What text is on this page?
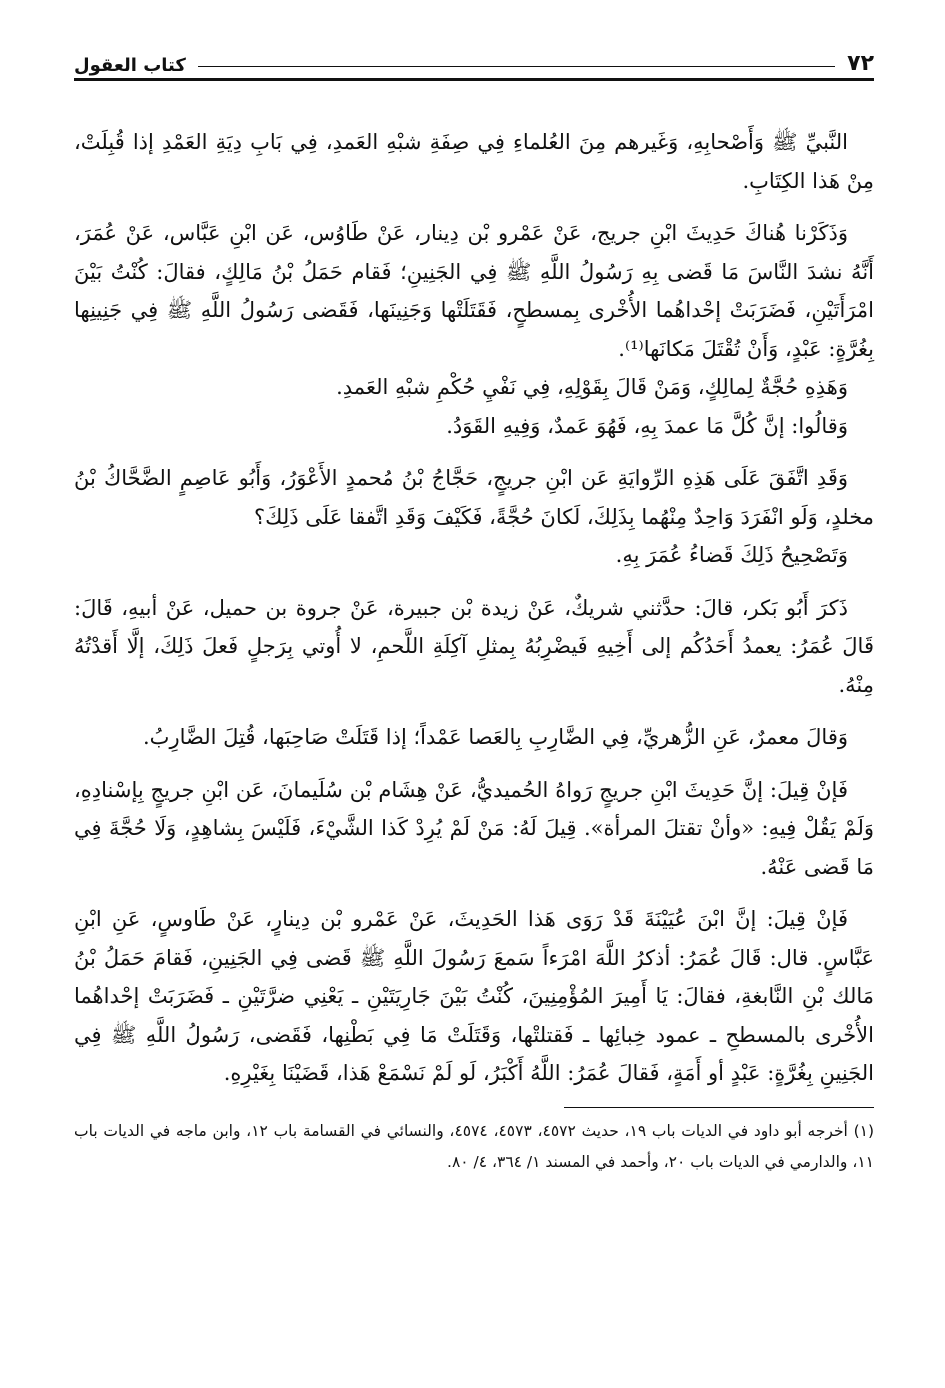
٧٢
كتاب العقول

النَّبيِّ ﷺ وَأَصْحابِهِ، وَغَيرهم مِنَ العُلماءِ فِي صِفَةِ شبْهِ العَمدِ، فِي بَابِ دِيَةِ العَمْدِ إذا قُبِلَتْ، مِنْ هَذا الكِتَابِ.

وَذَكَرْنا هُناكَ حَدِيثَ ابْنِ جريج، عَنْ عَمْرو بْن دِينار، عَنْ طَاوُس، عَن ابْنِ عَبَّاس، عَنْ عُمَرَ، أَنَّهُ نشدَ النَّاسَ مَا قَضى بِهِ رَسُولُ اللَّهِ ﷺ فِي الجَنِينِ؛ فَقام حَمَلُ بْنُ مَالِكٍ، فقالَ: كُنْتُ بَيْنَ امْرَأَتَيْنِ، فَضَرَبَتْ إحْداهُما الأُخْرى بِمسطحٍ، فَقَتَلَتْها وَجَنِينَها، فَقَضى رَسُولُ اللَّهِ ﷺ فِي جَنِينِها بِغُرَّةٍ: عَبْدٍ، وَأَنْ تُقْتَلَ مَكانَها⁽¹⁾.

وَهَذِهِ حُجَّةٌ لِمالِكٍ، وَمَنْ قَالَ بِقَوْلِهِ، فِي نَفْيِ حُكْمِ شبْهِ العَمدِ.

وَقالُوا: إنَّ كُلَّ مَا عمدَ بِهِ، فَهُوَ عَمدٌ، وَفِيهِ القَوَدُ.

وَقَدِ اتَّفَقَ عَلَى هَذِهِ الرِّوايَةِ عَن ابْنِ جريجٍ، حَجَّاجُ بْنُ مُحمدٍ الأَعْوَرُ، وَأَبُو عَاصِمٍ الضَّحَّاكُ بْنُ مخلدٍ، وَلَو انْفَرَدَ وَاحِدٌ مِنْهُما بِذَلِكَ، لَكانَ حُجَّةً، فَكَيْفَ وَقَدِ اتَّفقا عَلَى ذَلِكَ؟

وَتَصْحِيحُ ذَلِكَ قَضاءُ عُمَرَ بِهِ.

ذَكرَ أَبُو بَكر، قالَ: حدَّثني شريكٌ، عَنْ زيدة بْن جبيرة، عَنْ جروة بن حميل، عَنْ أبيهِ، قَالَ: قَالَ عُمَرُ: يعمدُ أَحَدُكُم إلى أَخِيهِ فَيضْرِبُهُ بِمثلِ آكِلَةِ اللَّحمِ، لا أُوتي بِرَجلٍ فَعلَ ذَلِكَ، إلَّا أَقدْتُهُ مِنْهُ.

وَقالَ معمرٌ، عَنِ الزُّهريِّ، فِي الضَّارِبِ بِالعَصا عَمْداً؛ إذا قَتَلَتْ صَاحِبَها، قُتِلَ الضَّارِبُ.

فَإنْ قِيلَ: إنَّ حَدِيثَ ابْنِ جريجٍ رَواهُ الحُميديُّ، عَنْ هِشَام بْن سُلَيمانَ، عَن ابْنِ جريجٍ بِإسْنادِهِ، وَلَمْ يَقُلْ فِيهِ: «وأنْ تقتلَ المرأة». قِيلَ لَهُ: مَنْ لَمْ يُرِدْ كَذا الشَّيْءَ، فَلَيْسَ بِشاهِدٍ، وَلَا حُجَّةَ فِي مَا قَضى عَنْهُ.

فَإنْ قِيلَ: إنَّ ابْنَ عُيَيْنَةَ قَدْ رَوَى هَذا الحَدِيثَ، عَنْ عَمْرو بْن دِينارٍ، عَنْ طَاوسٍ، عَنِ ابْنِ عَبَّاسٍ. قال: قَالَ عُمَرُ: أذكرُ اللَّهَ امْرَءاً سَمعَ رَسُولَ اللَّهِ ﷺ قَضى فِي الجَنِينِ، فَقامَ حَمَلُ بْنُ مَالك بْنِ النَّابغةِ، فقالَ: يَا أَمِيرَ المُؤْمِنِينَ، كُنْتُ بَيْنَ جَارِيَتَيْنِ ـ يَعْنِي ضرَّتَيْنِ ـ فَضَرَبَتْ إحْداهُما الأُخْرى بالمسطحِ ـ عمود خِبائِها ـ فَقتلتْها، وَقَتَلَتْ مَا فِي بَطْنِها، فَقَضى، رَسُولُ اللَّهِ ﷺ فِي الجَنِينِ بِغُرَّةٍ: عَبْدٍ أو أَمَةٍ، فَقالَ عُمَرُ: اللَّهُ أَكْبَرُ، لَو لَمْ نَسْمَعْ هَذا، قَضَيْنَا بِغَيْرِهِ.

(١) أخرجه أبو داود في الديات باب ١٩، حديث ٤٥٧٢، ٤٥٧٣، ٤٥٧٤، والنسائي في القسامة باب ١٢، وابن ماجه في الديات باب ١١، والدارمي في الديات باب ٢٠، وأحمد في المسند ١/ ٣٦٤، ٤/ ٨٠.
